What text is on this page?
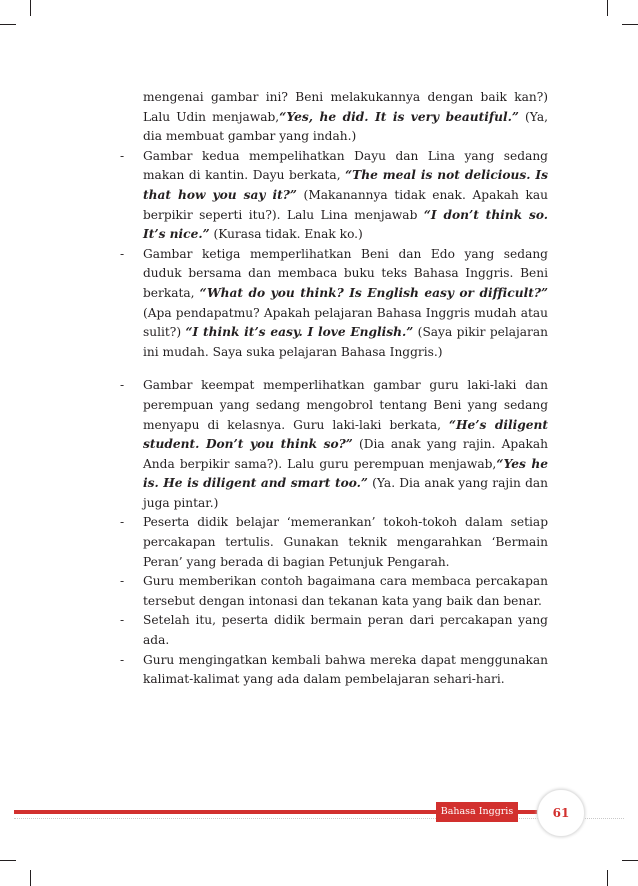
mengenai gambar ini? Beni melakukannya dengan baik kan?) Lalu Udin menjawab,“Yes, he did. It is very beautiful.” (Ya, dia membuat gambar yang indah.)

- Gambar kedua mempelihatkan Dayu dan Lina yang sedang makan di kantin. Dayu berkata, “The meal is not delicious. Is that how you say it?” (Makanannya tidak enak. Apakah kau berpikir seperti itu?). Lalu Lina menjawab “I don’t think so. It’s nice.” (Kurasa tidak. Enak ko.)

- Gambar ketiga memperlihatkan Beni dan Edo yang sedang duduk bersama dan membaca buku teks Bahasa Inggris. Beni berkata, “What do you think? Is English easy or difficult?” (Apa pendapatmu? Apakah pelajaran Bahasa Inggris mudah atau sulit?) “I think it’s easy. I love English.” (Saya pikir pelajaran ini mudah. Saya suka pelajaran Bahasa Inggris.)

- Gambar keempat memperlihatkan gambar guru laki-laki dan perempuan yang sedang mengobrol tentang Beni yang sedang menyapu di kelasnya. Guru laki-laki berkata, “He’s diligent student. Don’t you think so?” (Dia anak yang rajin. Apakah Anda berpikir sama?). Lalu guru perempuan menjawab,“Yes he is. He is diligent and smart too.” (Ya. Dia anak yang rajin dan juga pintar.)

- Peserta didik belajar ‘memerankan’ tokoh-tokoh dalam setiap percakapan tertulis. Gunakan teknik mengarahkan ‘Bermain Peran’ yang berada di bagian Petunjuk Pengarah.

- Guru memberikan contoh bagaimana cara membaca percakapan tersebut dengan intonasi dan tekanan kata yang baik dan benar.

- Setelah itu, peserta didik bermain peran dari percakapan yang ada.

- Guru mengingatkan kembali bahwa mereka dapat menggunakan kalimat-kalimat yang ada dalam pembelajaran sehari-hari.

Bahasa Inggris	61
